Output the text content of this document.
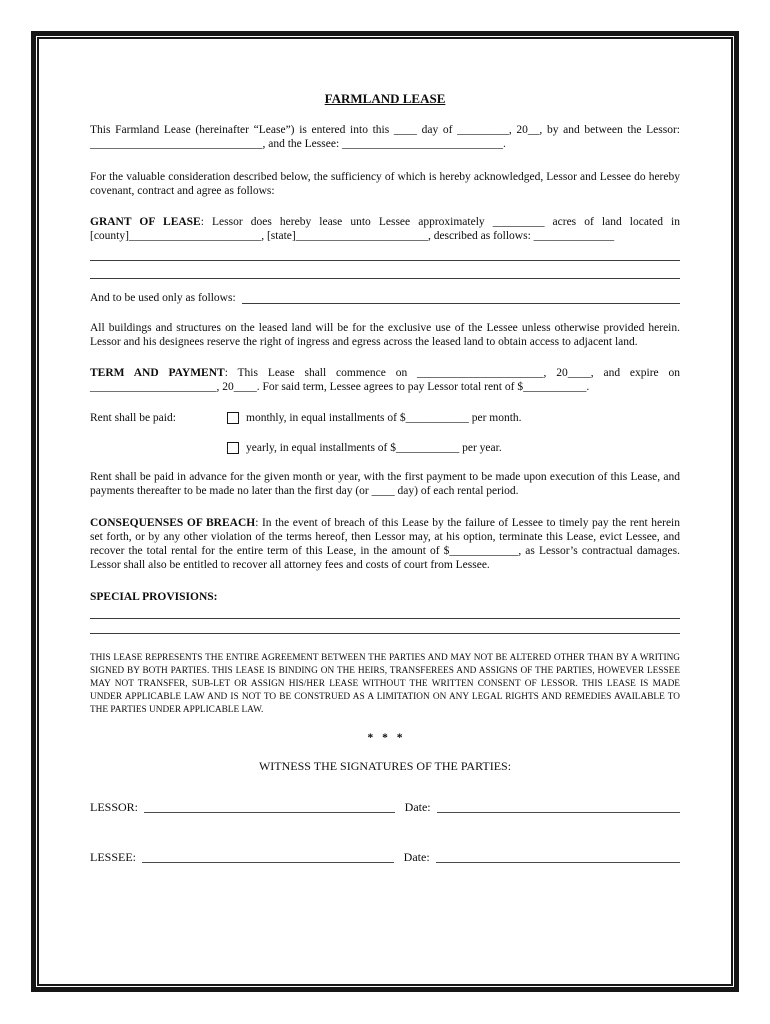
FARMLAND LEASE

This Farmland Lease (hereinafter “Lease”) is entered into this ____ day of _________, 20__, by and between the Lessor: ______________________________, and the Lessee: ____________________________.

For the valuable consideration described below, the sufficiency of which is hereby acknowledged, Lessor and Lessee do hereby covenant, contract and agree as follows:

GRANT OF LEASE: Lessor does hereby lease unto Lessee approximately _________ acres of land located in [county]_______________________, [state]_______________________, described as follows: ______________

And to be used only as follows:

All buildings and structures on the leased land will be for the exclusive use of the Lessee unless otherwise provided herein. Lessor and his designees reserve the right of ingress and egress across the leased land to obtain access to adjacent land.

TERM AND PAYMENT: This Lease shall commence on ______________________, 20____, and expire on ______________________, 20____. For said term, Lessee agrees to pay Lessor total rent of $___________.

Rent shall be paid:	monthly, in equal installments of $___________ per month.
yearly, in equal installments of $___________ per year.

Rent shall be paid in advance for the given month or year, with the first payment to be made upon execution of this Lease, and payments thereafter to be made no later than the first day (or ____ day) of each rental period.

CONSEQUENSES OF BREACH: In the event of breach of this Lease by the failure of Lessee to timely pay the rent herein set forth, or by any other violation of the terms hereof, then Lessor may, at his option, terminate this Lease, evict Lessee, and recover the total rental for the entire term of this Lease, in the amount of $____________, as Lessor’s contractual damages. Lessor shall also be entitled to recover all attorney fees and costs of court from Lessee.

SPECIAL PROVISIONS:

THIS LEASE REPRESENTS THE ENTIRE AGREEMENT BETWEEN THE PARTIES AND MAY NOT BE ALTERED OTHER THAN BY A WRITING SIGNED BY BOTH PARTIES. THIS LEASE IS BINDING ON THE HEIRS, TRANSFEREES AND ASSIGNS OF THE PARTIES, HOWEVER LESSEE MAY NOT TRANSFER, SUB-LET OR ASSIGN HIS/HER LEASE WITHOUT THE WRITTEN CONSENT OF LESSOR. THIS LEASE IS MADE UNDER APPLICABLE LAW AND IS NOT TO BE CONSTRUED AS A LIMITATION ON ANY LEGAL RIGHTS AND REMEDIES AVAILABLE TO THE PARTIES UNDER APPLICABLE LAW.

* * *
WITNESS THE SIGNATURES OF THE PARTIES:
LESSOR:	Date:
LESSEE:	Date:
